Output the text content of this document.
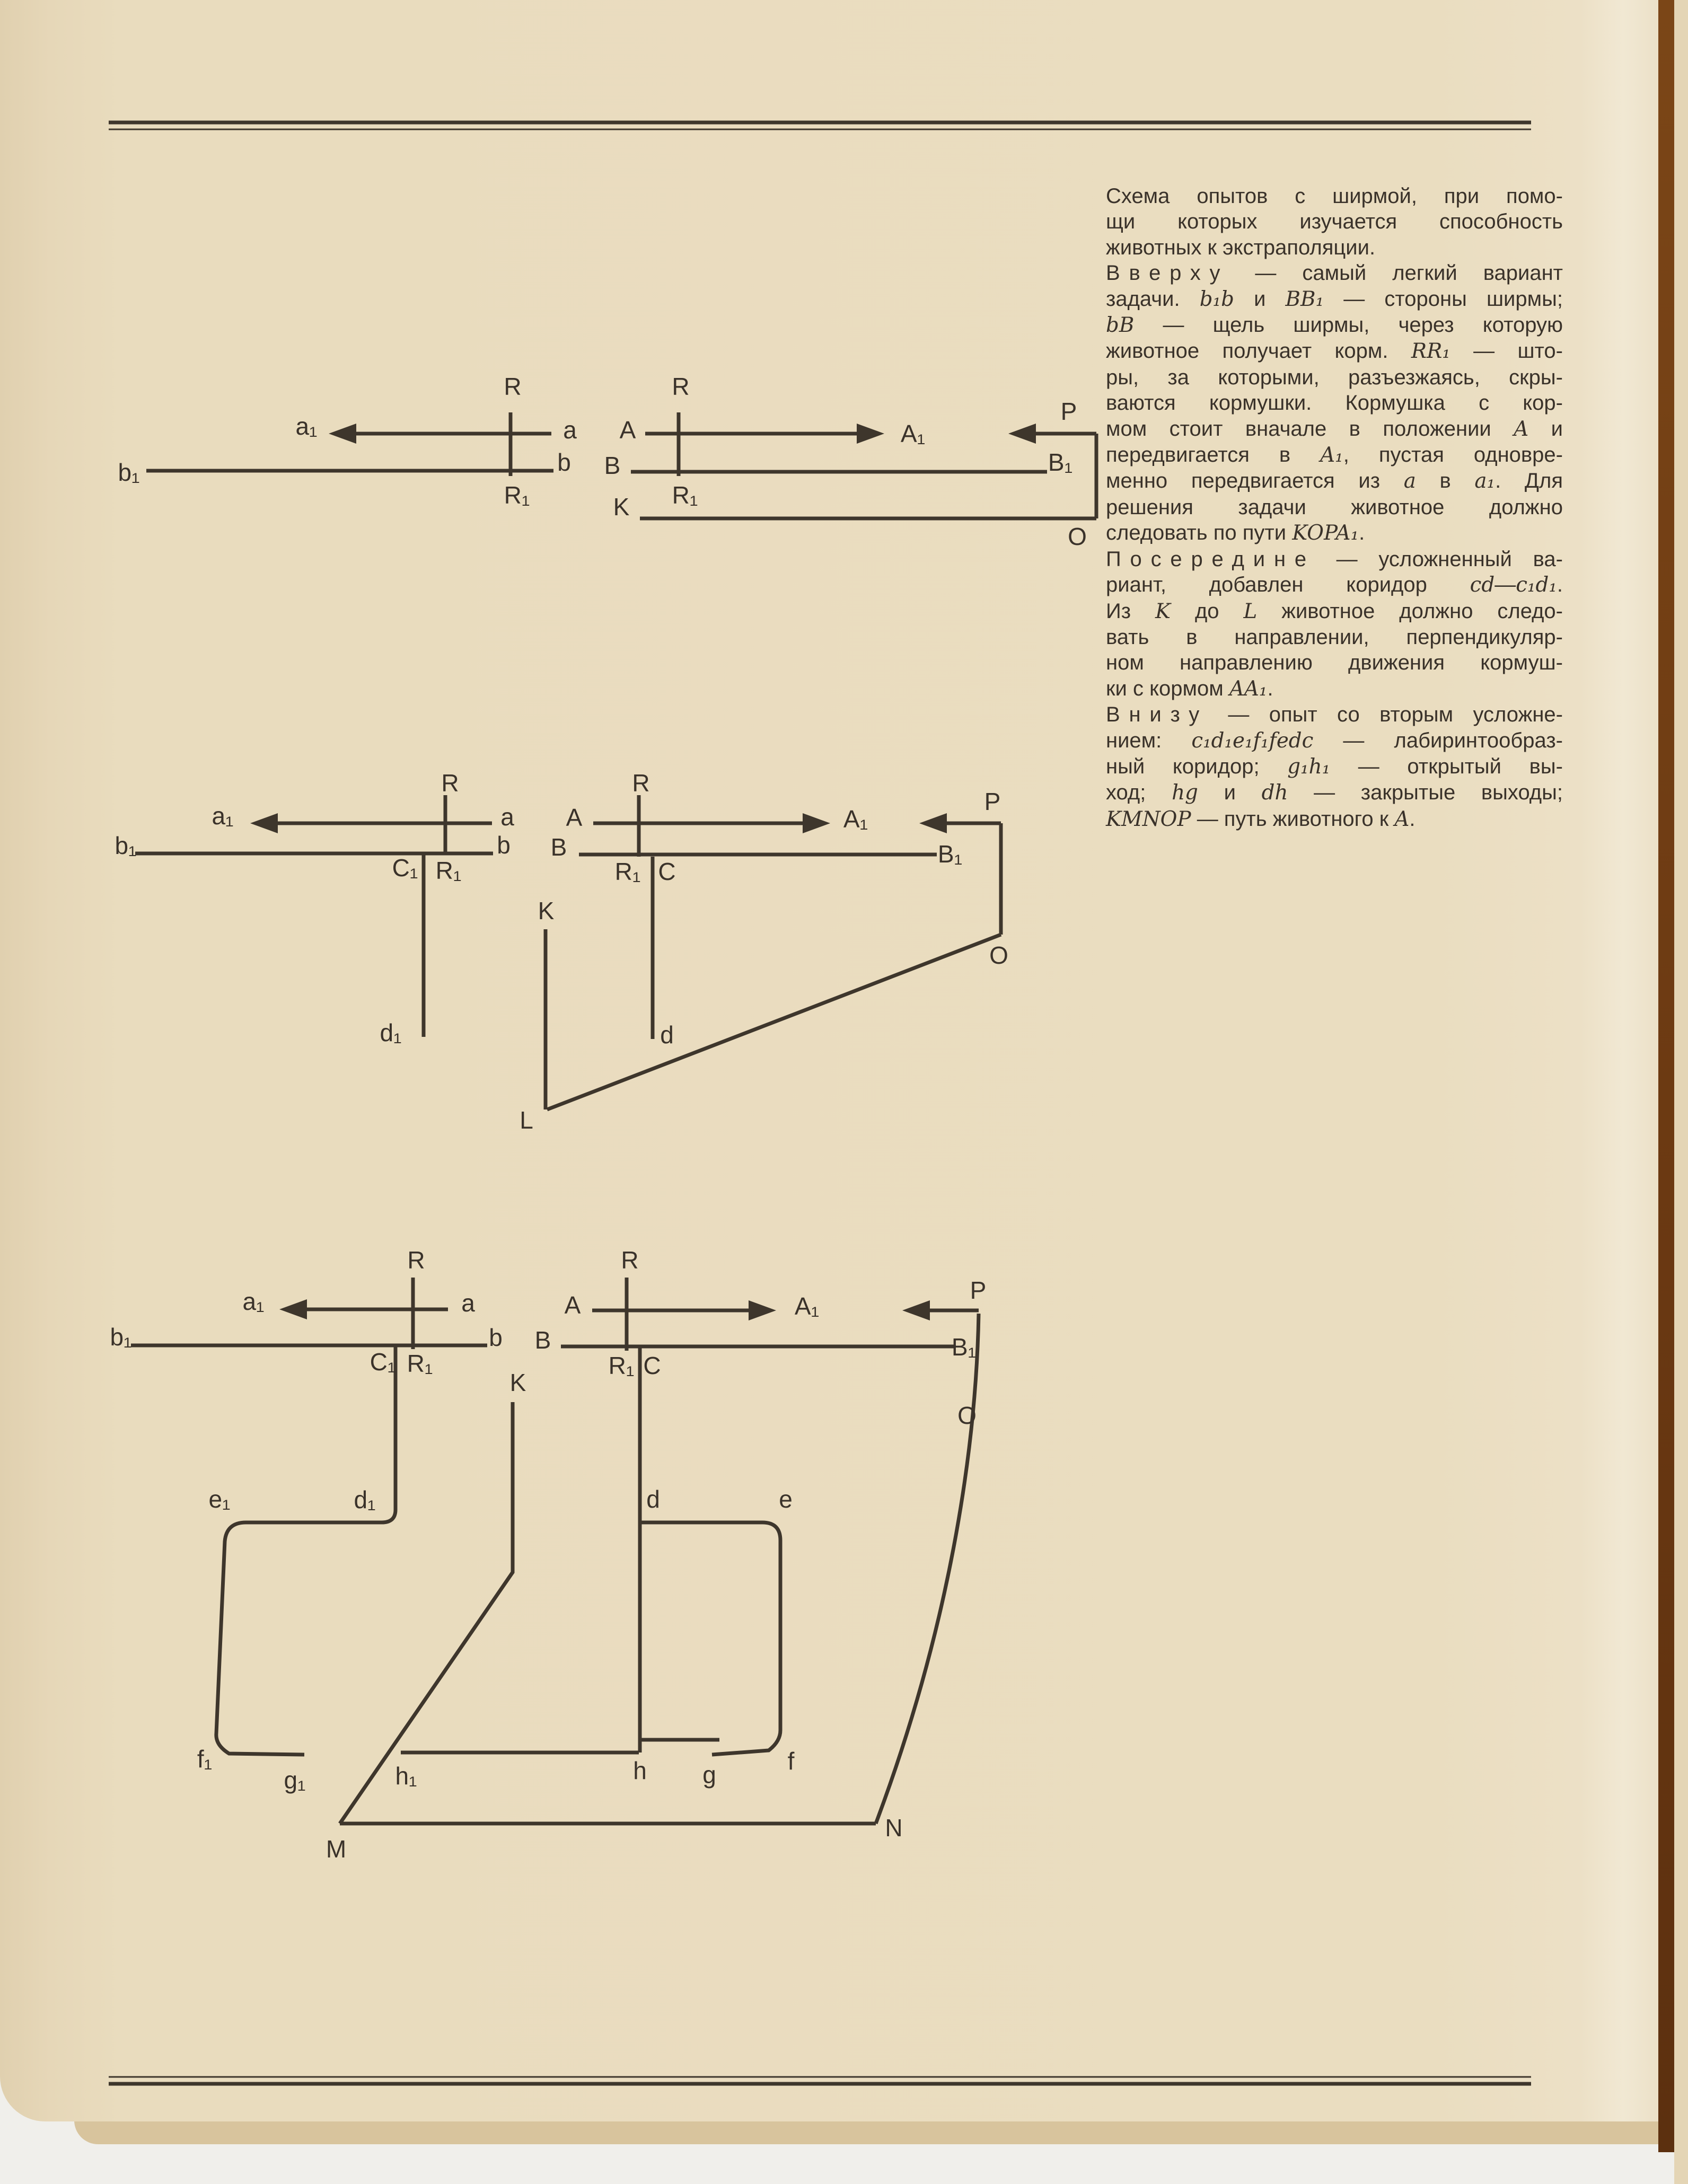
R
a
a₁
b₁	b
R₁
A	A₁
R
B	B₁
R₁
P
K
O
R
a
a₁
b₁	b
C₁ R₁
d₁
K
L
A	A₁
R
B	B₁
R₁ C
d
P
O
R
a
a₁
b₁	b
C₁ R₁
d₁
e₁
f₁
g₁
K
M
h₁	h
A	A₁
R
B	B₁
R₁ C
d	e
g	f
N
O
P
Схема опытов с ширмой, при помо-
щи которых изучается способность
животных к экстраполяции.
Вверху — самый легкий вариант
задачи. b₁b и BB₁ — стороны ширмы;
bB — щель ширмы, через которую
животное получает корм. RR₁ — што-
ры, за которыми, разъезжаясь, скры-
ваются кормушки. Кормушка с кор-
мом стоит вначале в положении A и
передвигается в A₁, пустая одновре-
менно передвигается из a в a₁. Для
решения задачи животное должно
следовать по пути KOPA₁.
Посередине — усложненный ва-
риант, добавлен коридор cd—c₁d₁.
Из K до L животное должно следо-
вать в направлении, перпендикуляр-
ном направлению движения кормуш-
ки с кормом AA₁.
Внизу — опыт со вторым усложне-
нием: c₁d₁e₁f₁fedc — лабиринтообраз-
ный коридор; g₁h₁ — открытый вы-
ход; hg и dh — закрытые выходы;
KMNOP — путь животного к A.
